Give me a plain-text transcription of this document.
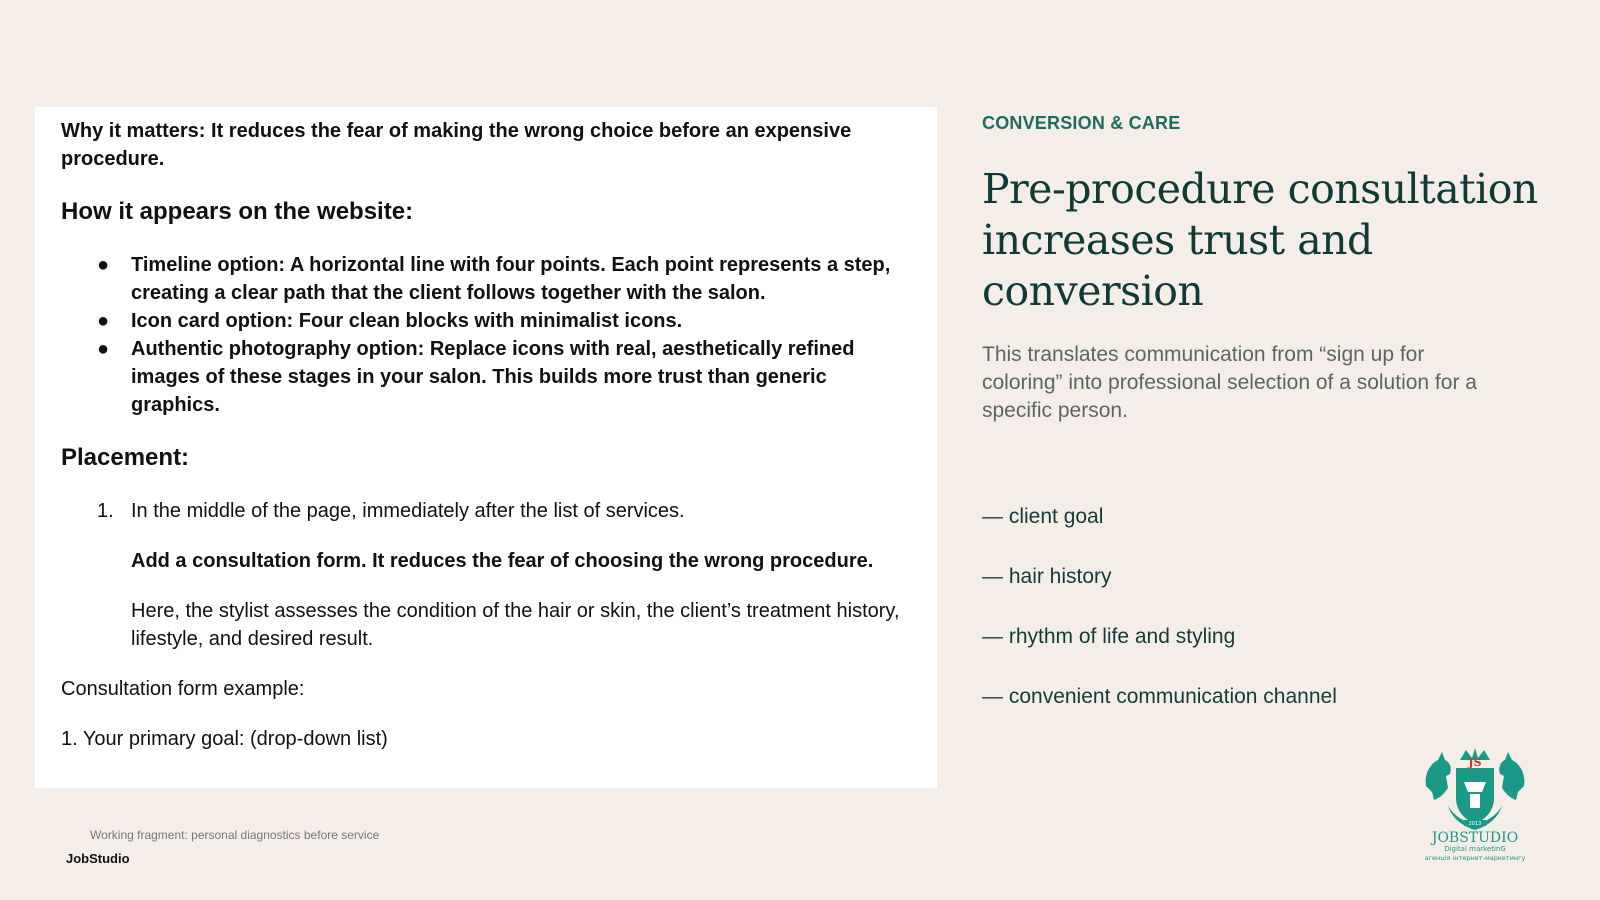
Why it matters: It reduces the fear of making the wrong choice before an expensive procedure.

How it appears on the website:

● Timeline option: A horizontal line with four points. Each point represents a step, creating a clear path that the client follows together with the salon.
● Icon card option: Four clean blocks with minimalist icons.
● Authentic photography option: Replace icons with real, aesthetically refined images of these stages in your salon. This builds more trust than generic graphics.

Placement:

1. In the middle of the page, immediately after the list of services.

Add a consultation form. It reduces the fear of choosing the wrong procedure.

Here, the stylist assesses the condition of the hair or skin, the client’s treatment history, lifestyle, and desired result.

Consultation form example:

1. Your primary goal: (drop-down list)

CONVERSION & CARE
Pre-procedure consultation increases trust and conversion
This translates communication from “sign up for coloring” into professional selection of a solution for a specific person.
— client goal
— hair history
— rhythm of life and styling
— convenient communication channel
Working fragment: personal diagnostics before service
JobStudio
JS
2013
JOBSTUDIO
Digital marketinG
агенція інтернет-маркетингу
